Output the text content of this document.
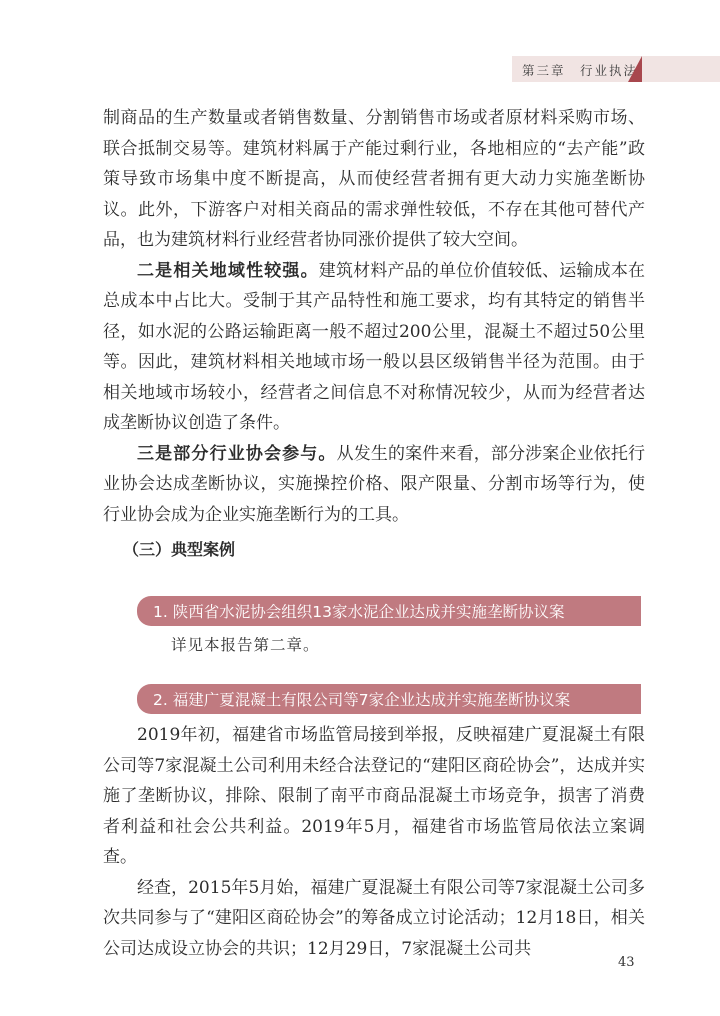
第三章　 行业执法

制商品的生产数量或者销售数量、分割销售市场或者原材料采购市场、联合抵制交易等。建筑材料属于产能过剩行业，各地相应的“去产能”政策导致市场集中度不断提高，从而使经营者拥有更大动力实施垄断协议。此外，下游客户对相关商品的需求弹性较低，不存在其他可替代产品，也为建筑材料行业经营者协同涨价提供了较大空间。

二是相关地域性较强。建筑材料产品的单位价值较低、运输成本在总成本中占比大。受制于其产品特性和施工要求，均有其特定的销售半径，如水泥的公路运输距离一般不超过200公里，混凝土不超过50公里等。因此，建筑材料相关地域市场一般以县区级销售半径为范围。由于相关地域市场较小，经营者之间信息不对称情况较少，从而为经营者达成垄断协议创造了条件。

三是部分行业协会参与。从发生的案件来看，部分涉案企业依托行业协会达成垄断协议，实施操控价格、限产限量、分割市场等行为，使行业协会成为企业实施垄断行为的工具。

（三）典型案例
1. 陕西省水泥协会组织13家水泥企业达成并实施垄断协议案
详见本报告第二章。
2. 福建广夏混凝土有限公司等7家企业达成并实施垄断协议案

2019年初，福建省市场监管局接到举报，反映福建广夏混凝土有限公司等7家混凝土公司利用未经合法登记的“建阳区商砼协会”，达成并实施了垄断协议，排除、限制了南平市商品混凝土市场竞争，损害了消费者利益和社会公共利益。2019年5月，福建省市场监管局依法立案调查。

经查，2015年5月始，福建广夏混凝土有限公司等7家混凝土公司多次共同参与了“建阳区商砼协会”的筹备成立讨论活动；12月18日，相关公司达成设立协会的共识；12月29日，7家混凝土公司共

43
